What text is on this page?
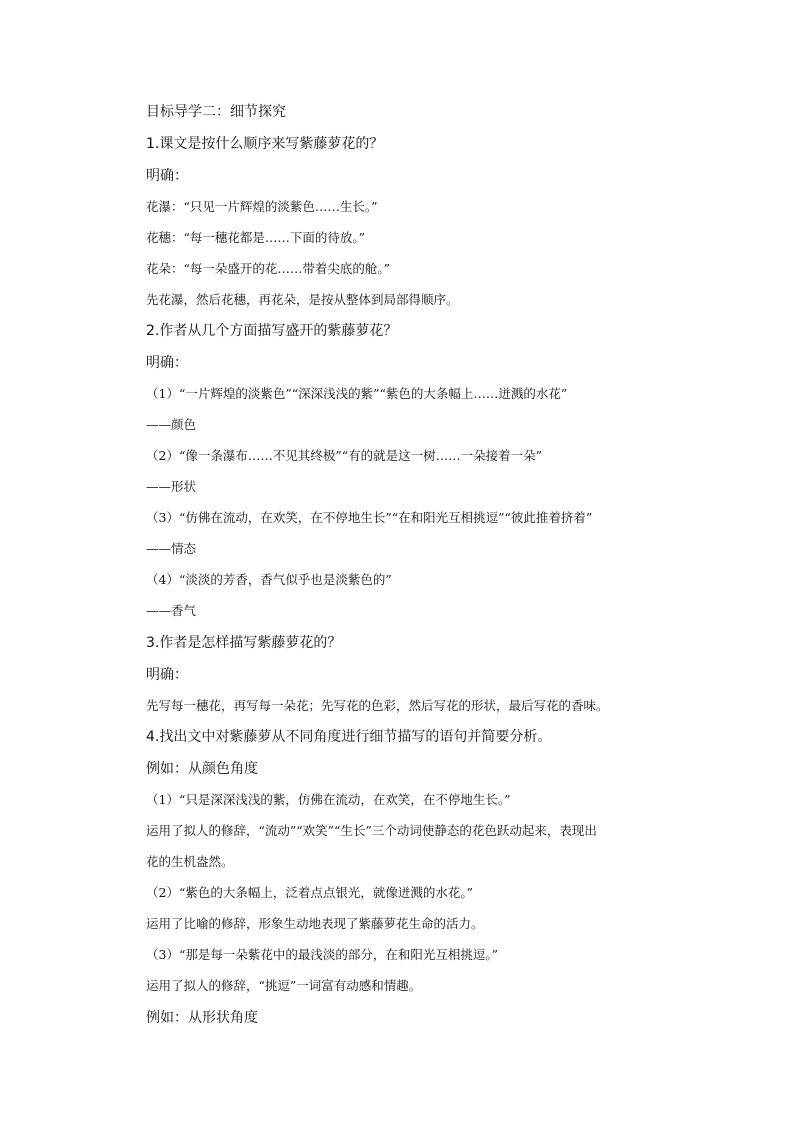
目标导学二：细节探究
1.课文是按什么顺序来写紫藤萝花的？
明确：
花瀑：“只见一片辉煌的淡紫色……生长。”
花穗：“每一穗花都是……下面的待放。”
花朵：“每一朵盛开的花……带着尖底的舱。”
先花瀑，然后花穗，再花朵，是按从整体到局部得顺序。
2.作者从几个方面描写盛开的紫藤萝花？
明确：
（1）“一片辉煌的淡紫色”“深深浅浅的紫”“紫色的大条幅上……迸溅的水花”
——颜色
（2）“像一条瀑布……不见其终极”“有的就是这一树……一朵接着一朵”
——形状
（3）“仿佛在流动，在欢笑，在不停地生长”“在和阳光互相挑逗”“彼此推着挤着”
——情态
（4）“淡淡的芳香，香气似乎也是淡紫色的”
——香气
3.作者是怎样描写紫藤萝花的？
明确：
先写每一穗花，再写每一朵花；先写花的色彩，然后写花的形状，最后写花的香味。
4.找出文中对紫藤萝从不同角度进行细节描写的语句并简要分析。
例如：从颜色角度
（1）“只是深深浅浅的紫，仿佛在流动，在欢笑，在不停地生长。”
运用了拟人的修辞，“流动”“欢笑”“生长”三个动词使静态的花色跃动起来，表现出
花的生机盎然。
（2）“紫色的大条幅上，泛着点点银光，就像迸溅的水花。”
运用了比喻的修辞，形象生动地表现了紫藤萝花生命的活力。
（3）“那是每一朵紫花中的最浅淡的部分，在和阳光互相挑逗。”
运用了拟人的修辞，“挑逗”一词富有动感和情趣。
例如：从形状角度
